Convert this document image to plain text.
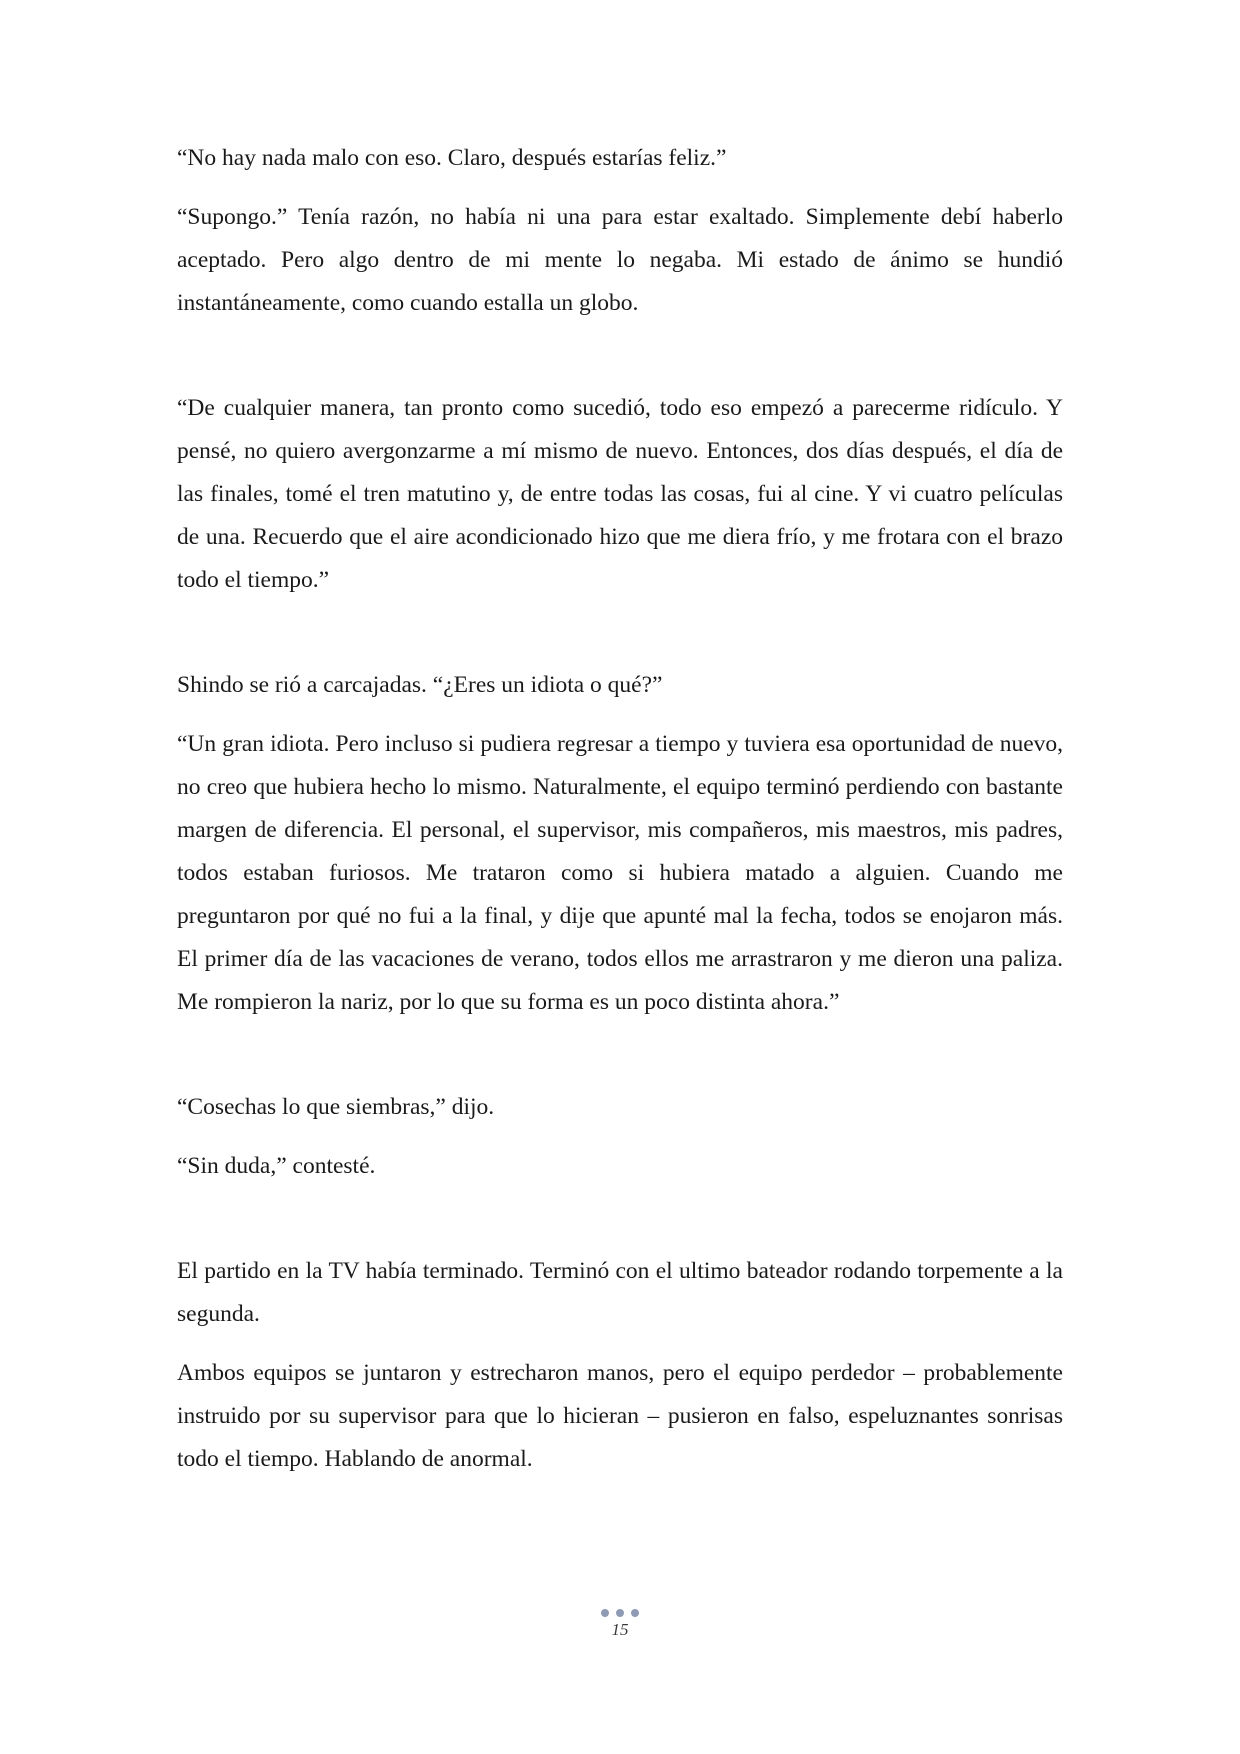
“No hay nada malo con eso. Claro, después estarías feliz.”

“Supongo.” Tenía razón, no había ni una para estar exaltado. Simplemente debí haberlo aceptado. Pero algo dentro de mi mente lo negaba. Mi estado de ánimo se hundió instantáneamente, como cuando estalla un globo.

“De cualquier manera, tan pronto como sucedió, todo eso empezó a parecerme ridículo. Y pensé, no quiero avergonzarme a mí mismo de nuevo. Entonces, dos días después, el día de las finales, tomé el tren matutino y, de entre todas las cosas, fui al cine. Y vi cuatro películas de una. Recuerdo que el aire acondicionado hizo que me diera frío, y me frotara con el brazo todo el tiempo.”

Shindo se rió a carcajadas. “¿Eres un idiota o qué?”

“Un gran idiota. Pero incluso si pudiera regresar a tiempo y tuviera esa oportunidad de nuevo, no creo que hubiera hecho lo mismo. Naturalmente, el equipo terminó perdiendo con bastante margen de diferencia. El personal, el supervisor, mis compañeros, mis maestros, mis padres, todos estaban furiosos. Me trataron como si hubiera matado a alguien. Cuando me preguntaron por qué no fui a la final, y dije que apunté mal la fecha, todos se enojaron más. El primer día de las vacaciones de verano, todos ellos me arrastraron y me dieron una paliza. Me rompieron la nariz, por lo que su forma es un poco distinta ahora.”

“Cosechas lo que siembras,” dijo.

“Sin duda,” contesté.

El partido en la TV había terminado. Terminó con el ultimo bateador rodando torpemente a la segunda.

Ambos equipos se juntaron y estrecharon manos, pero el equipo perdedor – probablemente instruido por su supervisor para que lo hicieran – pusieron en falso, espeluznantes sonrisas todo el tiempo. Hablando de anormal.

15
